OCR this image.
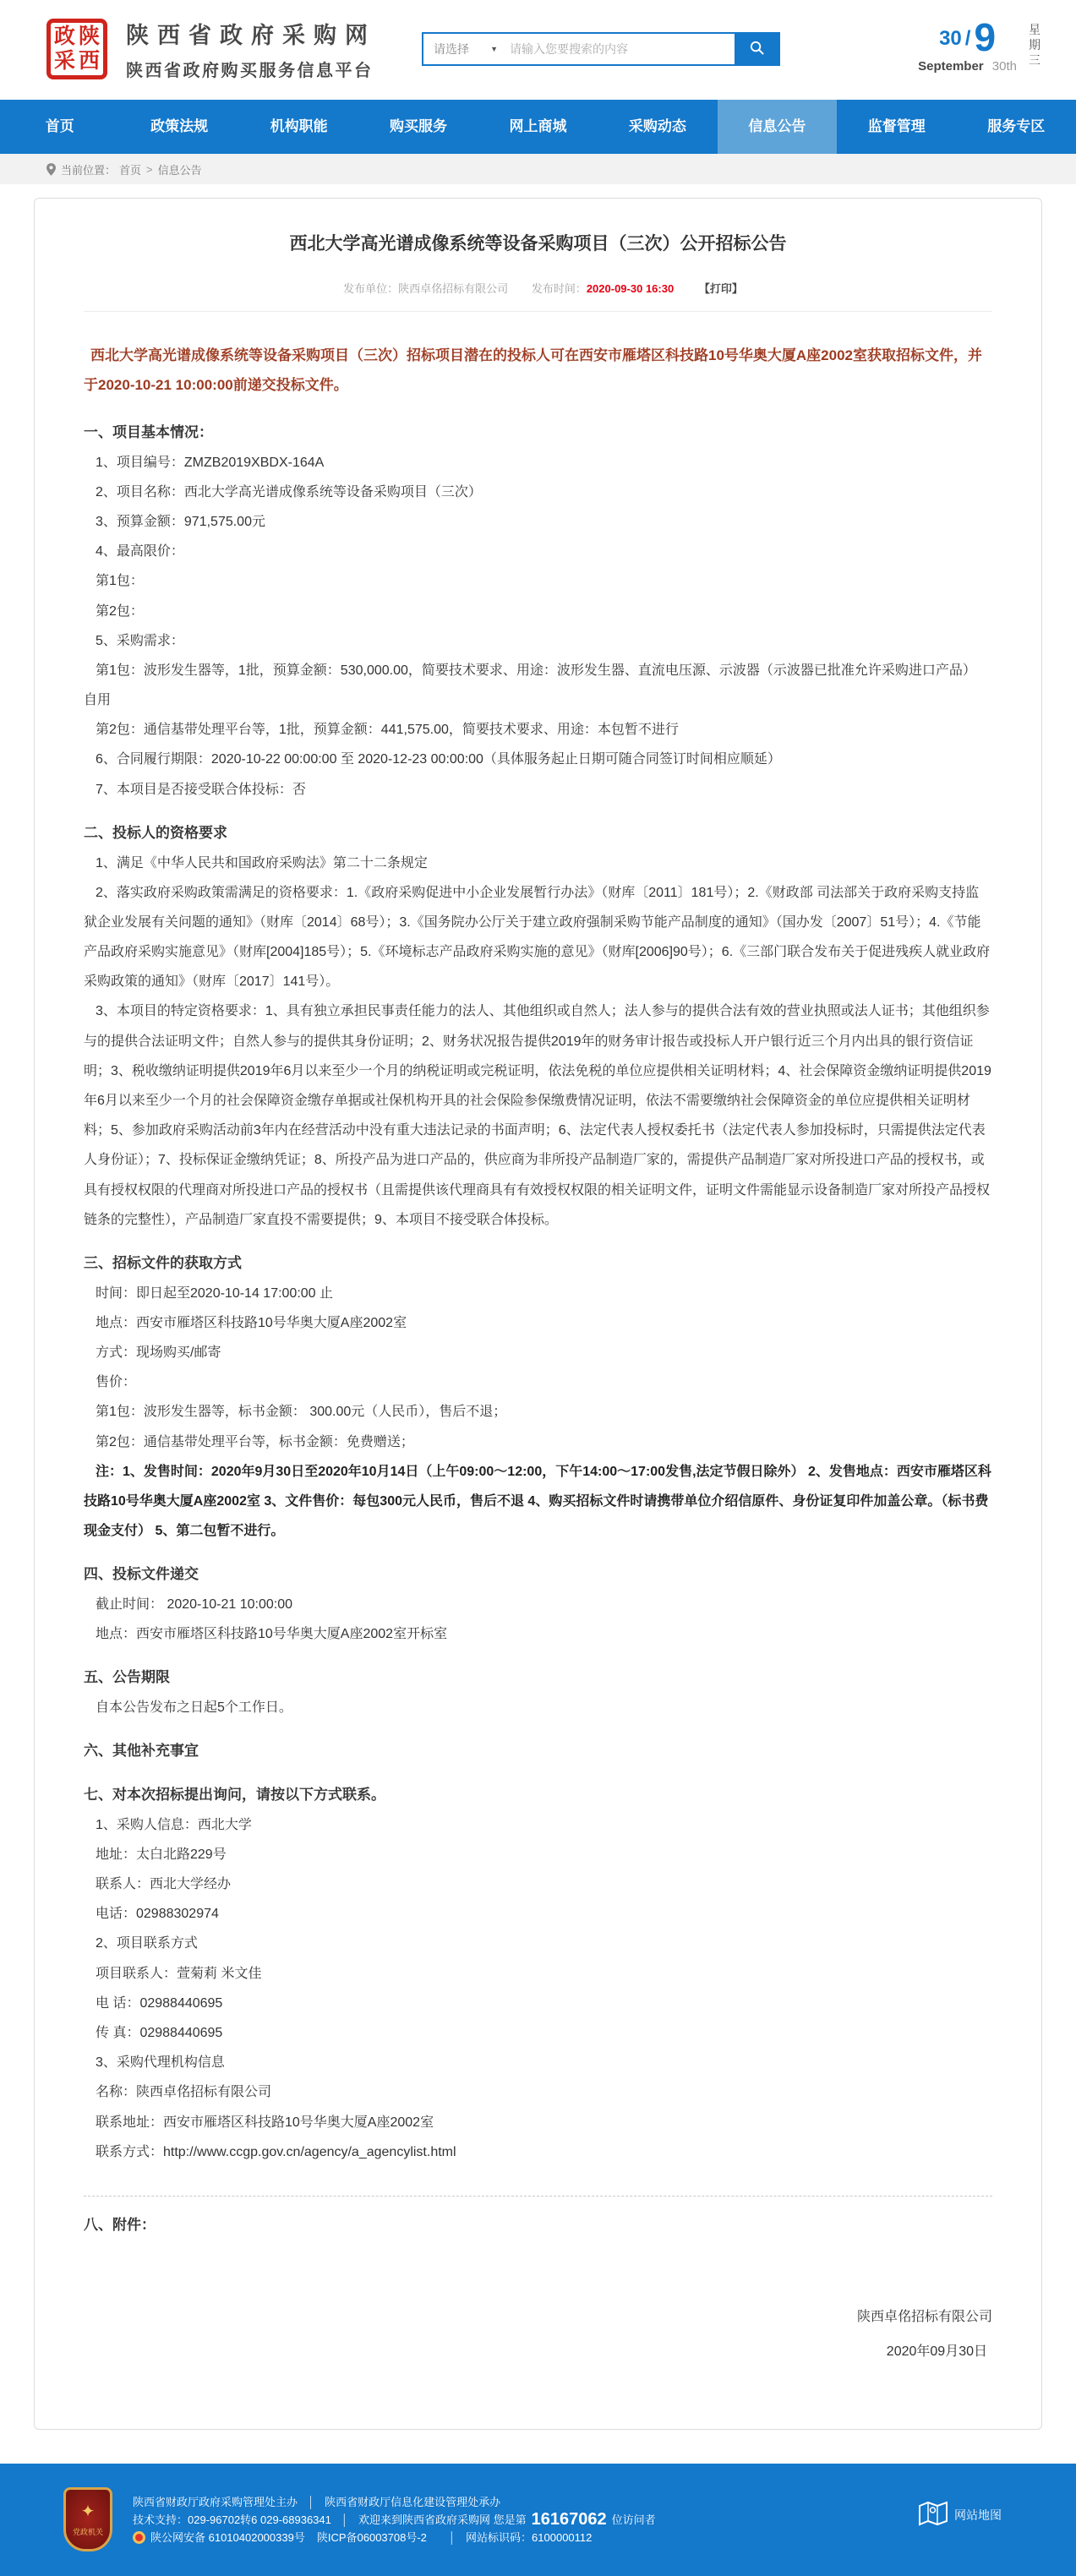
政 陕
采 西
陕西省政府采购网
陕西省政府购买服务信息平台
请选择	▼
请输入您要搜索的内容	30 / 9
September 30th
星期三
首页	政策法规	机构职能	购买服务	网上商城	采购动态	信息公告	监督管理	服务专区
当前位置： 首页 > 信息公告
西北大学高光谱成像系统等设备采购项目（三次）公开招标公告
发布单位：陕西卓佲招标有限公司 发布时间：2020-09-30 16:30 【打印】

西北大学高光谱成像系统等设备采购项目（三次）招标项目潜在的投标人可在西安市雁塔区科技路10号华奥大厦A座2002室获取招标文件，并于2020-10-21 10:00:00前递交投标文件。

一、项目基本情况：

1、项目编号：ZMZB2019XBDX-164A

2、项目名称：西北大学高光谱成像系统等设备采购项目（三次）

3、预算金额：971,575.00元

4、最高限价：

第1包：

第2包：

5、采购需求：

第1包：波形发生器等，1批，预算金额：530,000.00，简要技术要求、用途：波形发生器、直流电压源、示波器（示波器已批准允许采购进口产品） 自用

第2包：通信基带处理平台等，1批，预算金额：441,575.00，简要技术要求、用途：本包暂不进行

6、合同履行期限：2020-10-22 00:00:00 至 2020-12-23 00:00:00（具体服务起止日期可随合同签订时间相应顺延）

7、本项目是否接受联合体投标：否

二、投标人的资格要求

1、满足《中华人民共和国政府采购法》第二十二条规定

2、落实政府采购政策需满足的资格要求：1.《政府采购促进中小企业发展暂行办法》（财库〔2011〕181号）；2.《财政部 司法部关于政府采购支持监狱企业发展有关问题的通知》（财库〔2014〕68号）；3.《国务院办公厅关于建立政府强制采购节能产品制度的通知》（国办发〔2007〕51号）；4.《节能产品政府采购实施意见》（财库[2004]185号）；5.《环境标志产品政府采购实施的意见》（财库[2006]90号）；6.《三部门联合发布关于促进残疾人就业政府采购政策的通知》（财库〔2017〕141号）。

3、本项目的特定资格要求：1、具有独立承担民事责任能力的法人、其他组织或自然人；法人参与的提供合法有效的营业执照或法人证书；其他组织参与的提供合法证明文件；自然人参与的提供其身份证明；2、财务状况报告提供2019年的财务审计报告或投标人开户银行近三个月内出具的银行资信证明；3、税收缴纳证明提供2019年6月以来至少一个月的纳税证明或完税证明，依法免税的单位应提供相关证明材料；4、社会保障资金缴纳证明提供2019年6月以来至少一个月的社会保障资金缴存单据或社保机构开具的社会保险参保缴费情况证明，依法不需要缴纳社会保障资金的单位应提供相关证明材料；5、参加政府采购活动前3年内在经营活动中没有重大违法记录的书面声明；6、法定代表人授权委托书（法定代表人参加投标时，只需提供法定代表人身份证）；7、投标保证金缴纳凭证；8、所投产品为进口产品的，供应商为非所投产品制造厂家的，需提供产品制造厂家对所投进口产品的授权书，或具有授权权限的代理商对所投进口产品的授权书（且需提供该代理商具有有效授权权限的相关证明文件，证明文件需能显示设备制造厂家对所投产品授权链条的完整性），产品制造厂家直投不需要提供；9、本项目不接受联合体投标。

三、招标文件的获取方式

时间：即日起至2020-10-14 17:00:00 止

地点：西安市雁塔区科技路10号华奥大厦A座2002室

方式：现场购买/邮寄

售价：

第1包：波形发生器等，标书金额： 300.00元（人民币），售后不退；

第2包：通信基带处理平台等，标书金额：免费赠送；

注：1、发售时间：2020年9月30日至2020年10月14日（上午09:00～12:00，下午14:00～17:00发售,法定节假日除外） 2、发售地点：西安市雁塔区科技路10号华奥大厦A座2002室 3、文件售价：每包300元人民币，售后不退 4、购买招标文件时请携带单位介绍信原件、身份证复印件加盖公章。（标书费现金支付） 5、第二包暂不进行。

四、投标文件递交

截止时间： 2020-10-21 10:00:00

地点：西安市雁塔区科技路10号华奥大厦A座2002室开标室

五、公告期限

自本公告发布之日起5个工作日。

六、其他补充事宜

七、对本次招标提出询问，请按以下方式联系。

1、采购人信息：西北大学

地址：太白北路229号

联系人：西北大学经办

电话：02988302974

2、项目联系方式

项目联系人：萱菊莉 米文佳

电 话：02988440695

传 真：02988440695

3、采购代理机构信息

名称：陕西卓佲招标有限公司

联系地址：西安市雁塔区科技路10号华奥大厦A座2002室

联系方式：http://www.ccgp.gov.cn/agency/a_agencylist.html

八、附件：

陕西卓佲招标有限公司
2020年09月30日
✦
党政机关
陕西省财政厅政府采购管理处主办 │ 陕西省财政厅信息化建设管理处承办
技术支持：029-96702转6 029-68936341 │ 欢迎来到陕西省政府采购网 您是第 16167062 位访问者
陕公网安备 61010402000339号 陕ICP备06003708号-2 │ 网站标识码：6100000112
网站地图
